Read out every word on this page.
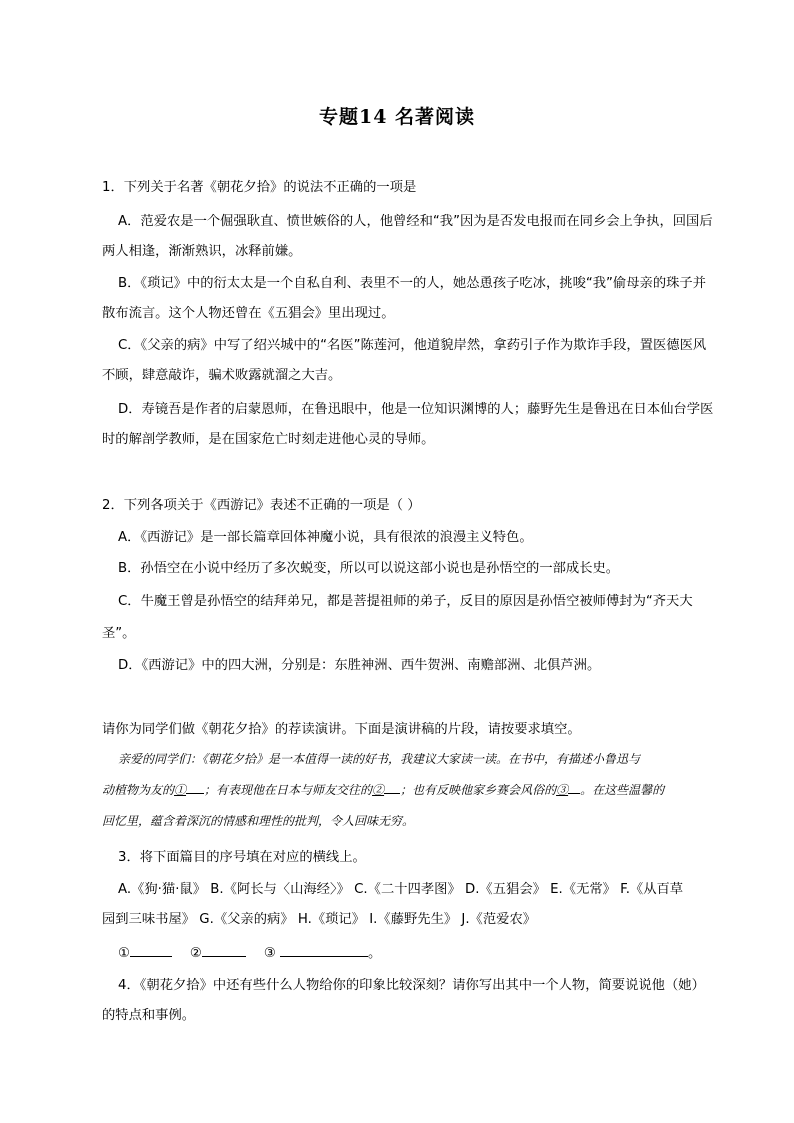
专题14 名著阅读
1．下列关于名著《朝花夕拾》的说法不正确的一项是
A．范爱农是一个倔强耿直、愤世嫉俗的人，他曾经和“我”因为是否发电报而在同乡会上争执，回国后
两人相逢，渐渐熟识，冰释前嫌。
B．《琐记》中的衍太太是一个自私自利、表里不一的人，她怂恿孩子吃冰，挑唆“我”偷母亲的珠子并
散布流言。这个人物还曾在《五猖会》里出现过。
C．《父亲的病》中写了绍兴城中的“名医”陈莲河，他道貌岸然，拿药引子作为欺诈手段，置医德医风
不顾，肆意敲诈，骗术败露就溜之大吉。
D．寿镜吾是作者的启蒙恩师，在鲁迅眼中，他是一位知识渊博的人；藤野先生是鲁迅在日本仙台学医
时的解剖学教师，是在国家危亡时刻走进他心灵的导师。
2．下列各项关于《西游记》表述不正确的一项是（ ）
A．《西游记》是一部长篇章回体神魔小说，具有很浓的浪漫主义特色。
B．孙悟空在小说中经历了多次蜕变，所以可以说这部小说也是孙悟空的一部成长史。
C．牛魔王曾是孙悟空的结拜弟兄，都是菩提祖师的弟子，反目的原因是孙悟空被师傅封为“齐天大
圣”。
D．《西游记》中的四大洲，分别是：东胜神洲、西牛贺洲、南赡部洲、北俱芦洲。
请你为同学们做《朝花夕拾》的荐读演讲。下面是演讲稿的片段，请按要求填空。
亲爱的同学们：《朝花夕拾》是一本值得一读的好书，我建议大家读一读。在书中，有描述小鲁迅与
动植物为友的① ；有表现他在日本与师友交往的② ；也有反映他家乡赛会风俗的③ 。在这些温馨的
回忆里，蕴含着深沉的情感和理性的批判，令人回味无穷。
3．将下面篇目的序号填在对应的横线上。
A.《狗·猫·鼠》 B.《阿长与〈山海经〉》 C.《二十四孝图》 D.《五猖会》 E.《无常》 F.《从百草
园到三味书屋》 G.《父亲的病》 H.《琐记》 I.《藤野先生》 J.《范爱农》
①	②	③	。
4．《朝花夕拾》中还有些什么人物给你的印象比较深刻？请你写出其中一个人物，简要说说他（她）
的特点和事例。
